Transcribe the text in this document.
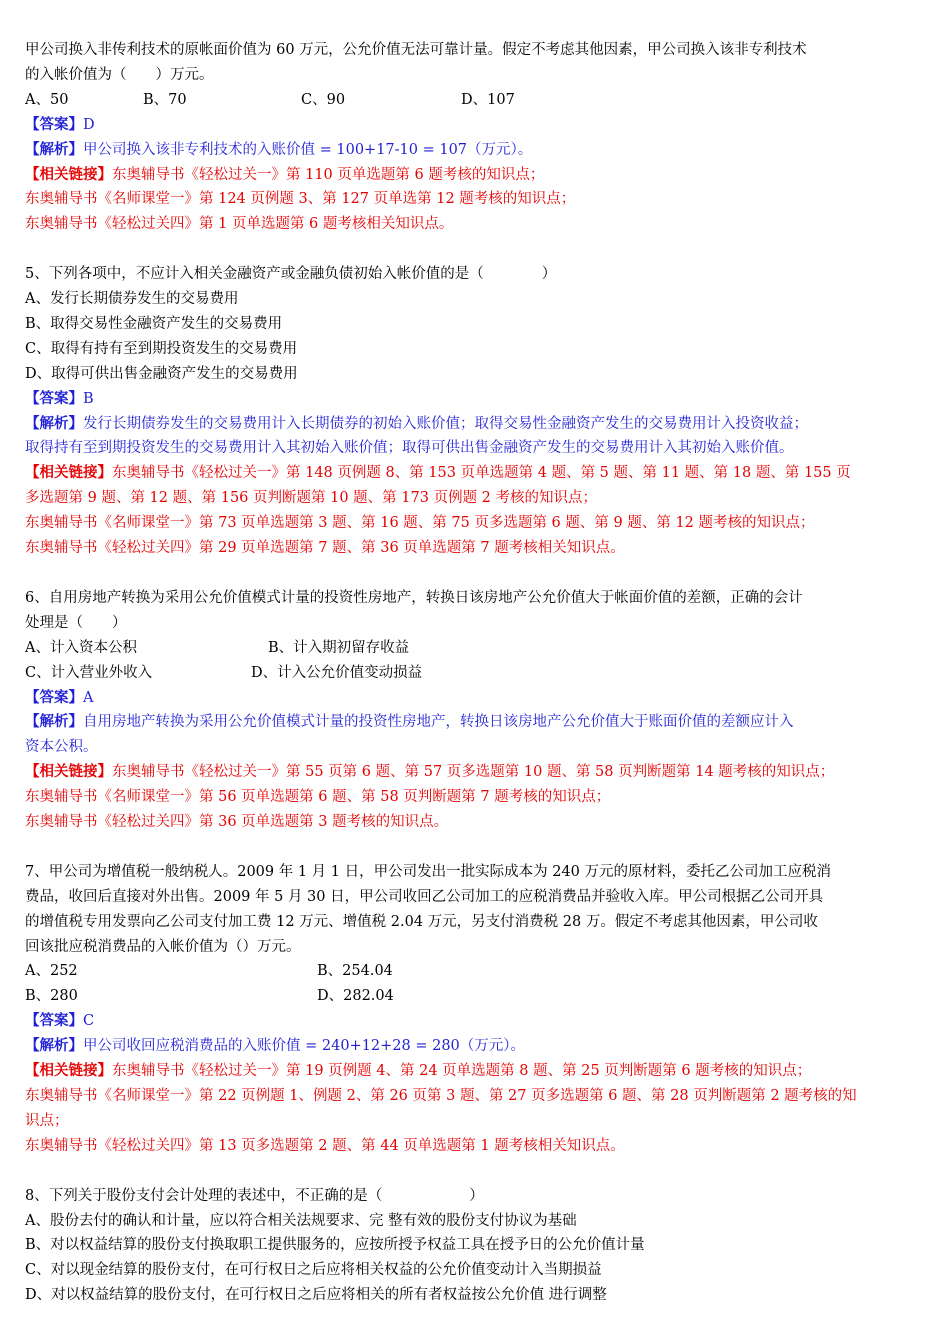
甲公司换入非传利技术的原帐面价值为 60 万元，公允价值无法可靠计量。假定不考虑其他因素，甲公司换入该非专利技术
的入帐价值为（　　）万元。
A、50	B、70	C、90	D、107
【答案】D
【解析】甲公司换入该非专利技术的入账价值 = 100+17-10 = 107（万元）。
【相关链接】东奥辅导书《轻松过关一》第 110 页单选题第 6 题考核的知识点；
东奥辅导书《名师课堂一》第 124 页例题 3、第 127 页单选第 12 题考核的知识点；
东奥辅导书《轻松过关四》第 1 页单选题第 6 题考核相关知识点。
5、下列各项中，不应计入相关金融资产或金融负债初始入帐价值的是（　　　　）
A、发行长期债券发生的交易费用
B、取得交易性金融资产发生的交易费用
C、取得有持有至到期投资发生的交易费用
D、取得可供出售金融资产发生的交易费用
【答案】B
【解析】发行长期债券发生的交易费用计入长期债券的初始入账价值；取得交易性金融资产发生的交易费用计入投资收益；
取得持有至到期投资发生的交易费用计入其初始入账价值；取得可供出售金融资产发生的交易费用计入其初始入账价值。
【相关链接】东奥辅导书《轻松过关一》第 148 页例题 8、第 153 页单选题第 4 题、第 5 题、第 11 题、第 18 题、第 155 页
多选题第 9 题、第 12 题、第 156 页判断题第 10 题、第 173 页例题 2 考核的知识点；
东奥辅导书《名师课堂一》第 73 页单选题第 3 题、第 16 题、第 75 页多选题第 6 题、第 9 题、第 12 题考核的知识点；
东奥辅导书《轻松过关四》第 29 页单选题第 7 题、第 36 页单选题第 7 题考核相关知识点。
6、自用房地产转换为采用公允价值模式计量的投资性房地产，转换日该房地产公允价值大于帐面价值的差额，正确的会计
处理是（　　）
A、计入资本公积	B、计入期初留存收益
C、计入营业外收入	D、计入公允价值变动损益
【答案】A
【解析】自用房地产转换为采用公允价值模式计量的投资性房地产，转换日该房地产公允价值大于账面价值的差额应计入
资本公积。
【相关链接】东奥辅导书《轻松过关一》第 55 页第 6 题、第 57 页多选题第 10 题、第 58 页判断题第 14 题考核的知识点；
东奥辅导书《名师课堂一》第 56 页单选题第 6 题、第 58 页判断题第 7 题考核的知识点；
东奥辅导书《轻松过关四》第 36 页单选题第 3 题考核的知识点。
7、甲公司为增值税一般纳税人。2009 年 1 月 1 日，甲公司发出一批实际成本为 240 万元的原材料，委托乙公司加工应税消
费品，收回后直接对外出售。2009 年 5 月 30 日，甲公司收回乙公司加工的应税消费品并验收入库。甲公司根据乙公司开具
的增值税专用发票向乙公司支付加工费 12 万元、增值税 2.04 万元，另支付消费税 28 万。假定不考虑其他因素，甲公司收
回该批应税消费品的入帐价值为（）万元。
A、252	B、254.04
B、280	D、282.04
【答案】C
【解析】甲公司收回应税消费品的入账价值 = 240+12+28 = 280（万元）。
【相关链接】东奥辅导书《轻松过关一》第 19 页例题 4、第 24 页单选题第 8 题、第 25 页判断题第 6 题考核的知识点；
东奥辅导书《名师课堂一》第 22 页例题 1、例题 2、第 26 页第 3 题、第 27 页多选题第 6 题、第 28 页判断题第 2 题考核的知
识点；
东奥辅导书《轻松过关四》第 13 页多选题第 2 题、第 44 页单选题第 1 题考核相关知识点。
8、下列关于股份支付会计处理的表述中，不正确的是（　　　　　　）
A、股份去付的确认和计量，应以符合相关法规要求、完 整有效的股份支付协议为基础
B、对以权益结算的股份支付换取职工提供服务的，应按所授予权益工具在授予日的公允价值计量
C、对以现金结算的股份支付，在可行权日之后应将相关权益的公允价值变动计入当期损益
D、对以权益结算的股份支付，在可行权日之后应将相关的所有者权益按公允价值 进行调整
